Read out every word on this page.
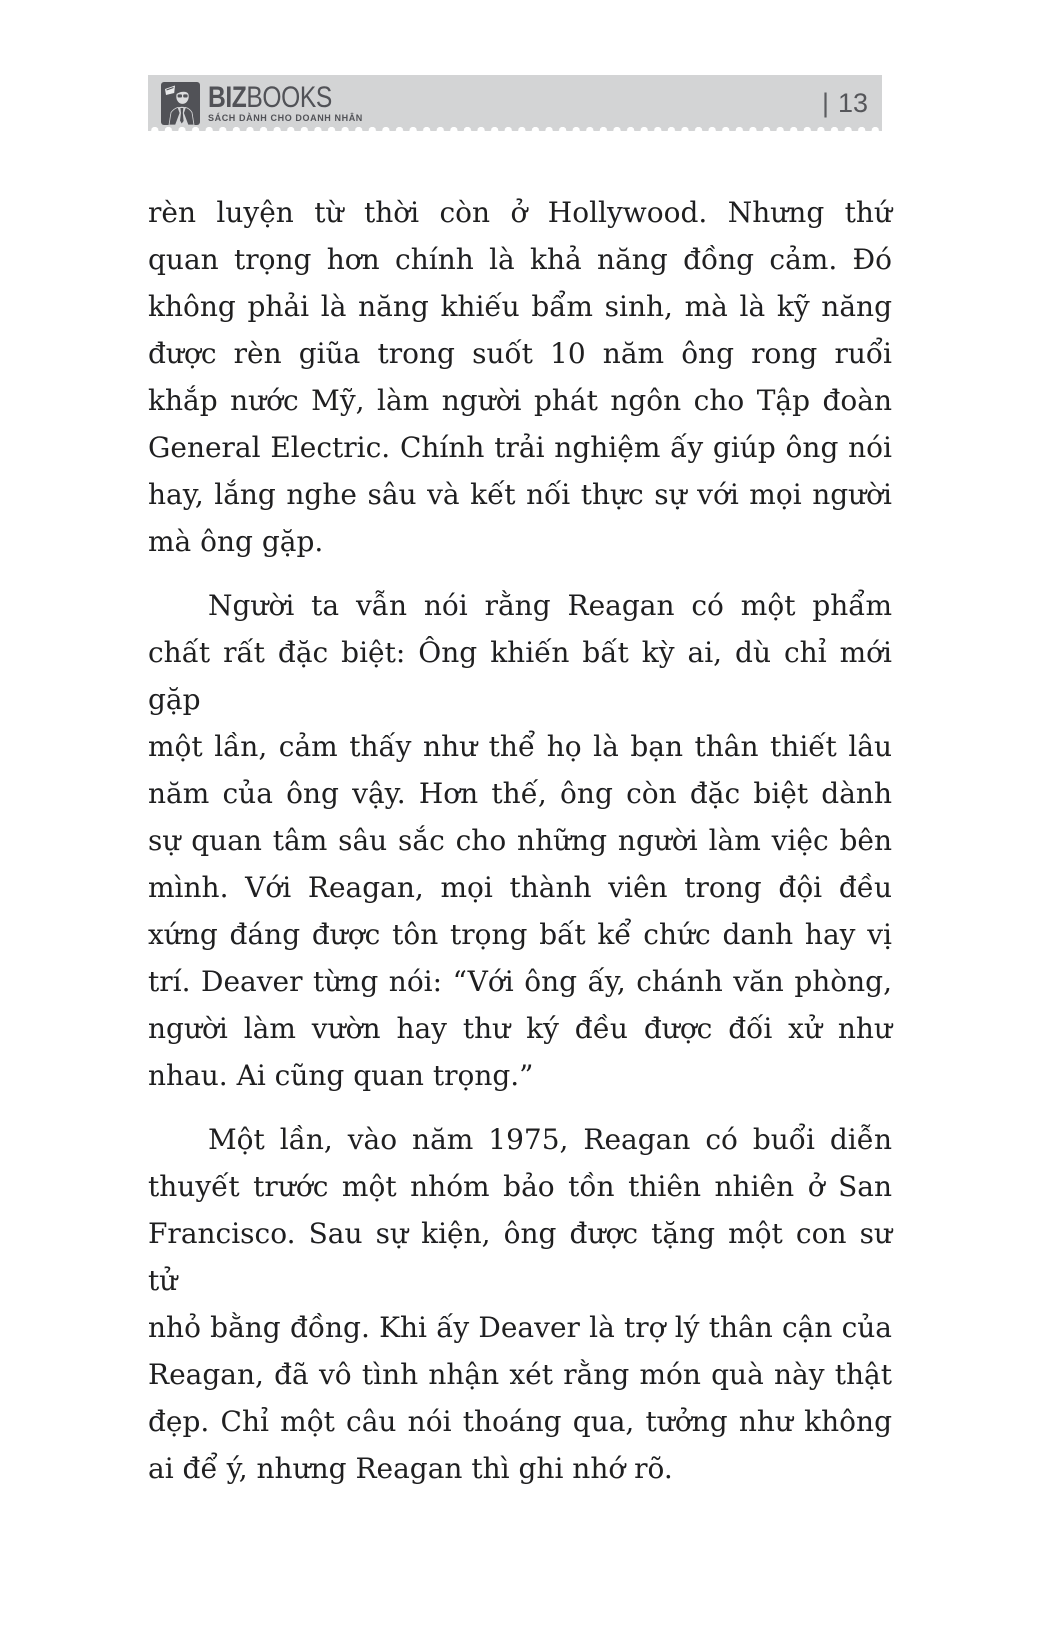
BIZBOOKS
SÁCH DÀNH CHO DOANH NHÂN	| 13

rèn luyện từ thời còn ở Hollywood. Nhưng thứ
quan trọng hơn chính là khả năng đồng cảm. Đó
không phải là năng khiếu bẩm sinh, mà là kỹ năng
được rèn giũa trong suốt 10 năm ông rong ruổi
khắp nước Mỹ, làm người phát ngôn cho Tập đoàn
General Electric. Chính trải nghiệm ấy giúp ông nói
hay, lắng nghe sâu và kết nối thực sự với mọi người
mà ông gặp.

Người ta vẫn nói rằng Reagan có một phẩm
chất rất đặc biệt: Ông khiến bất kỳ ai, dù chỉ mới gặp
một lần, cảm thấy như thể họ là bạn thân thiết lâu
năm của ông vậy. Hơn thế, ông còn đặc biệt dành
sự quan tâm sâu sắc cho những người làm việc bên
mình. Với Reagan, mọi thành viên trong đội đều
xứng đáng được tôn trọng bất kể chức danh hay vị
trí. Deaver từng nói: “Với ông ấy, chánh văn phòng,
người làm vườn hay thư ký đều được đối xử như
nhau. Ai cũng quan trọng.”

Một lần, vào năm 1975, Reagan có buổi diễn
thuyết trước một nhóm bảo tồn thiên nhiên ở San
Francisco. Sau sự kiện, ông được tặng một con sư tử
nhỏ bằng đồng. Khi ấy Deaver là trợ lý thân cận của
Reagan, đã vô tình nhận xét rằng món quà này thật
đẹp. Chỉ một câu nói thoáng qua, tưởng như không
ai để ý, nhưng Reagan thì ghi nhớ rõ.
